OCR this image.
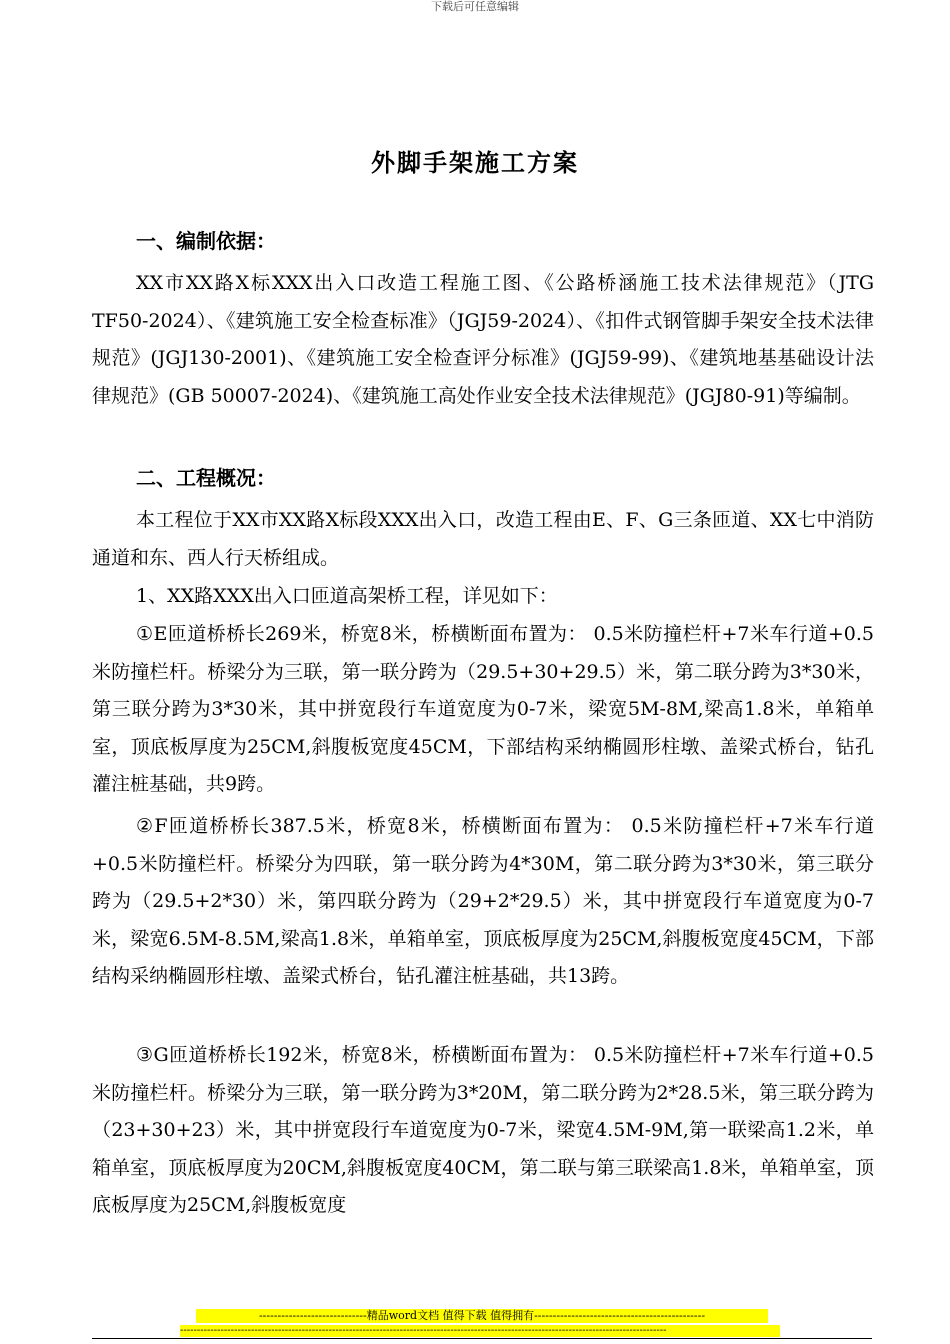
下载后可任意编辑
外脚手架施工方案
一、编制依据：

XX市XX路X标XXX出入口改造工程施工图、《公路桥涵施工技术法律规范》（JTG TF50-2024）、《建筑施工安全检查标准》（JGJ59-2024）、《扣件式钢管脚手架安全技术法律规范》(JGJ130-2001)、《建筑施工安全检查评分标准》(JGJ59-99)、《建筑地基基础设计法律规范》(GB 50007-2024)、《建筑施工高处作业安全技术法律规范》(JGJ80-91)等编制。

二、工程概况：

本工程位于XX市XX路X标段XXX出入口，改造工程由E、F、G三条匝道、XX七中消防通道和东、西人行天桥组成。

1、XX路XXX出入口匝道高架桥工程，详见如下：

①E匝道桥桥长269米，桥宽8米，桥横断面布置为： 0.5米防撞栏杆+7米车行道+0.5米防撞栏杆。桥梁分为三联，第一联分跨为（29.5+30+29.5）米，第二联分跨为3*30米，第三联分跨为3*30米，其中拼宽段行车道宽度为0-7米，梁宽5M-8M,梁高1.8米，单箱单室，顶底板厚度为25CM,斜腹板宽度45CM，下部结构采纳椭圆形柱墩、盖梁式桥台，钻孔灌注桩基础，共9跨。

②F匝道桥桥长387.5米，桥宽8米，桥横断面布置为： 0.5米防撞栏杆+7米车行道+0.5米防撞栏杆。桥梁分为四联，第一联分跨为4*30M，第二联分跨为3*30米，第三联分跨为（29.5+2*30）米，第四联分跨为（29+2*29.5）米，其中拼宽段行车道宽度为0-7米，梁宽6.5M-8.5M,梁高1.8米，单箱单室，顶底板厚度为25CM,斜腹板宽度45CM，下部结构采纳椭圆形柱墩、盖梁式桥台，钻孔灌注桩基础，共13跨。

③G匝道桥桥长192米，桥宽8米，桥横断面布置为： 0.5米防撞栏杆+7米车行道+0.5米防撞栏杆。桥梁分为三联，第一联分跨为3*20M，第二联分跨为2*28.5米，第三联分跨为（23+30+23）米，其中拼宽段行车道宽度为0-7米，梁宽4.5M-9M,第一联梁高1.2米，单箱单室，顶底板厚度为20CM,斜腹板宽度40CM，第二联与第三联梁高1.8米，单箱单室，顶底板厚度为25CM,斜腹板宽度

-----------------------------精品word文档 值得下载 值得拥有----------------------------------------------
------------------------------------------------------------------------------------------------------------------------------------------------
